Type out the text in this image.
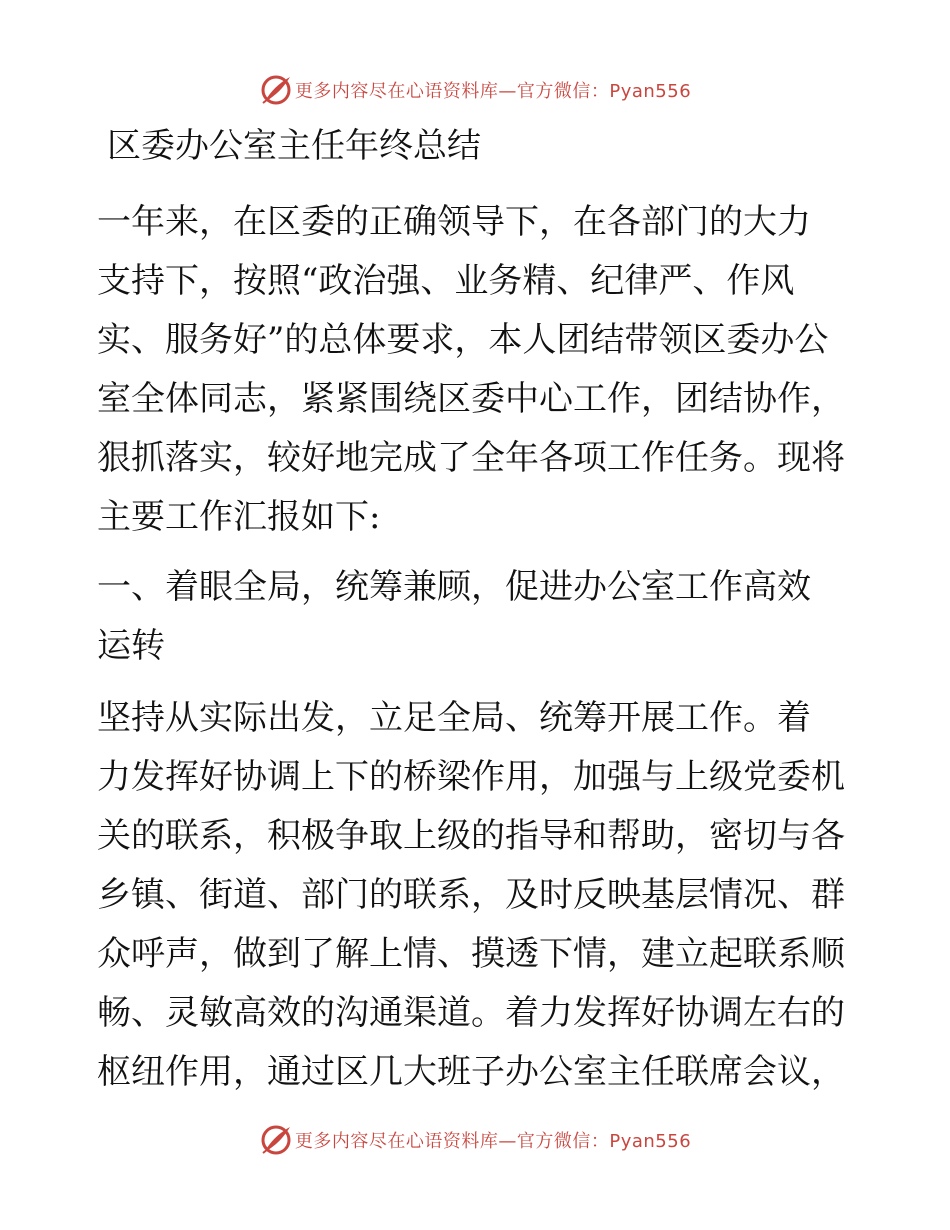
更多内容尽在心语资料库—官方微信：Pyan556
区委办公室主任年终总结
一年来，在区委的正确领导下，在各部门的大力
支持下，按照“政治强、业务精、纪律严、作风
实、服务好”的总体要求，本人团结带领区委办公
室全体同志，紧紧围绕区委中心工作，团结协作，
狠抓落实，较好地完成了全年各项工作任务。现将
主要工作汇报如下:
一、着眼全局，统筹兼顾，促进办公室工作高效
运转
坚持从实际出发，立足全局、统筹开展工作。着
力发挥好协调上下的桥梁作用，加强与上级党委机
关的联系，积极争取上级的指导和帮助，密切与各
乡镇、街道、部门的联系，及时反映基层情况、群
众呼声，做到了解上情、摸透下情，建立起联系顺
畅、灵敏高效的沟通渠道。着力发挥好协调左右的
枢纽作用，通过区几大班子办公室主任联席会议，
更多内容尽在心语资料库—官方微信：Pyan556
